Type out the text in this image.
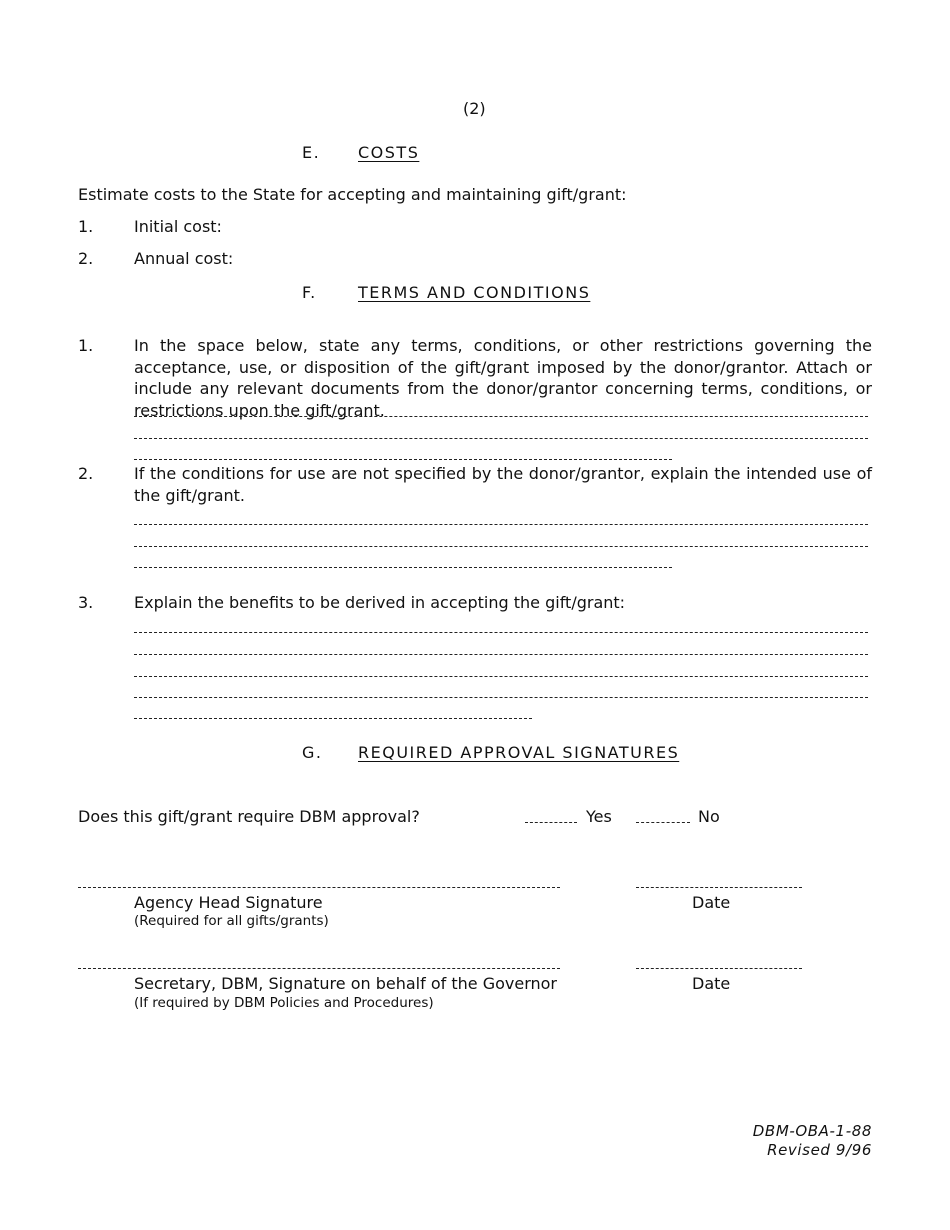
(2)
E. COSTS
Estimate costs to the State for accepting and maintaining gift/grant:
1.	Initial cost:
2.	Annual cost:
F.	TERMS AND CONDITIONS
1.	In the space below, state any terms, conditions, or other restrictions governing the acceptance, use, or disposition of the gift/grant imposed by the donor/grantor. Attach or include any relevant documents from the donor/grantor concerning terms, conditions, or restrictions upon the gift/grant.
2.	If the conditions for use are not specified by the donor/grantor, explain the intended use of the gift/grant.
3.	Explain the benefits to be derived in accepting the gift/grant:
G. REQUIRED APPROVAL SIGNATURES
Does this gift/grant require DBM approval?	Yes	No
Agency Head Signature
(Required for all gifts/grants)
Date
Secretary, DBM, Signature on behalf of the Governor
(If required by DBM Policies and Procedures)
Date
DBM-OBA-1-88
Revised 9/96
